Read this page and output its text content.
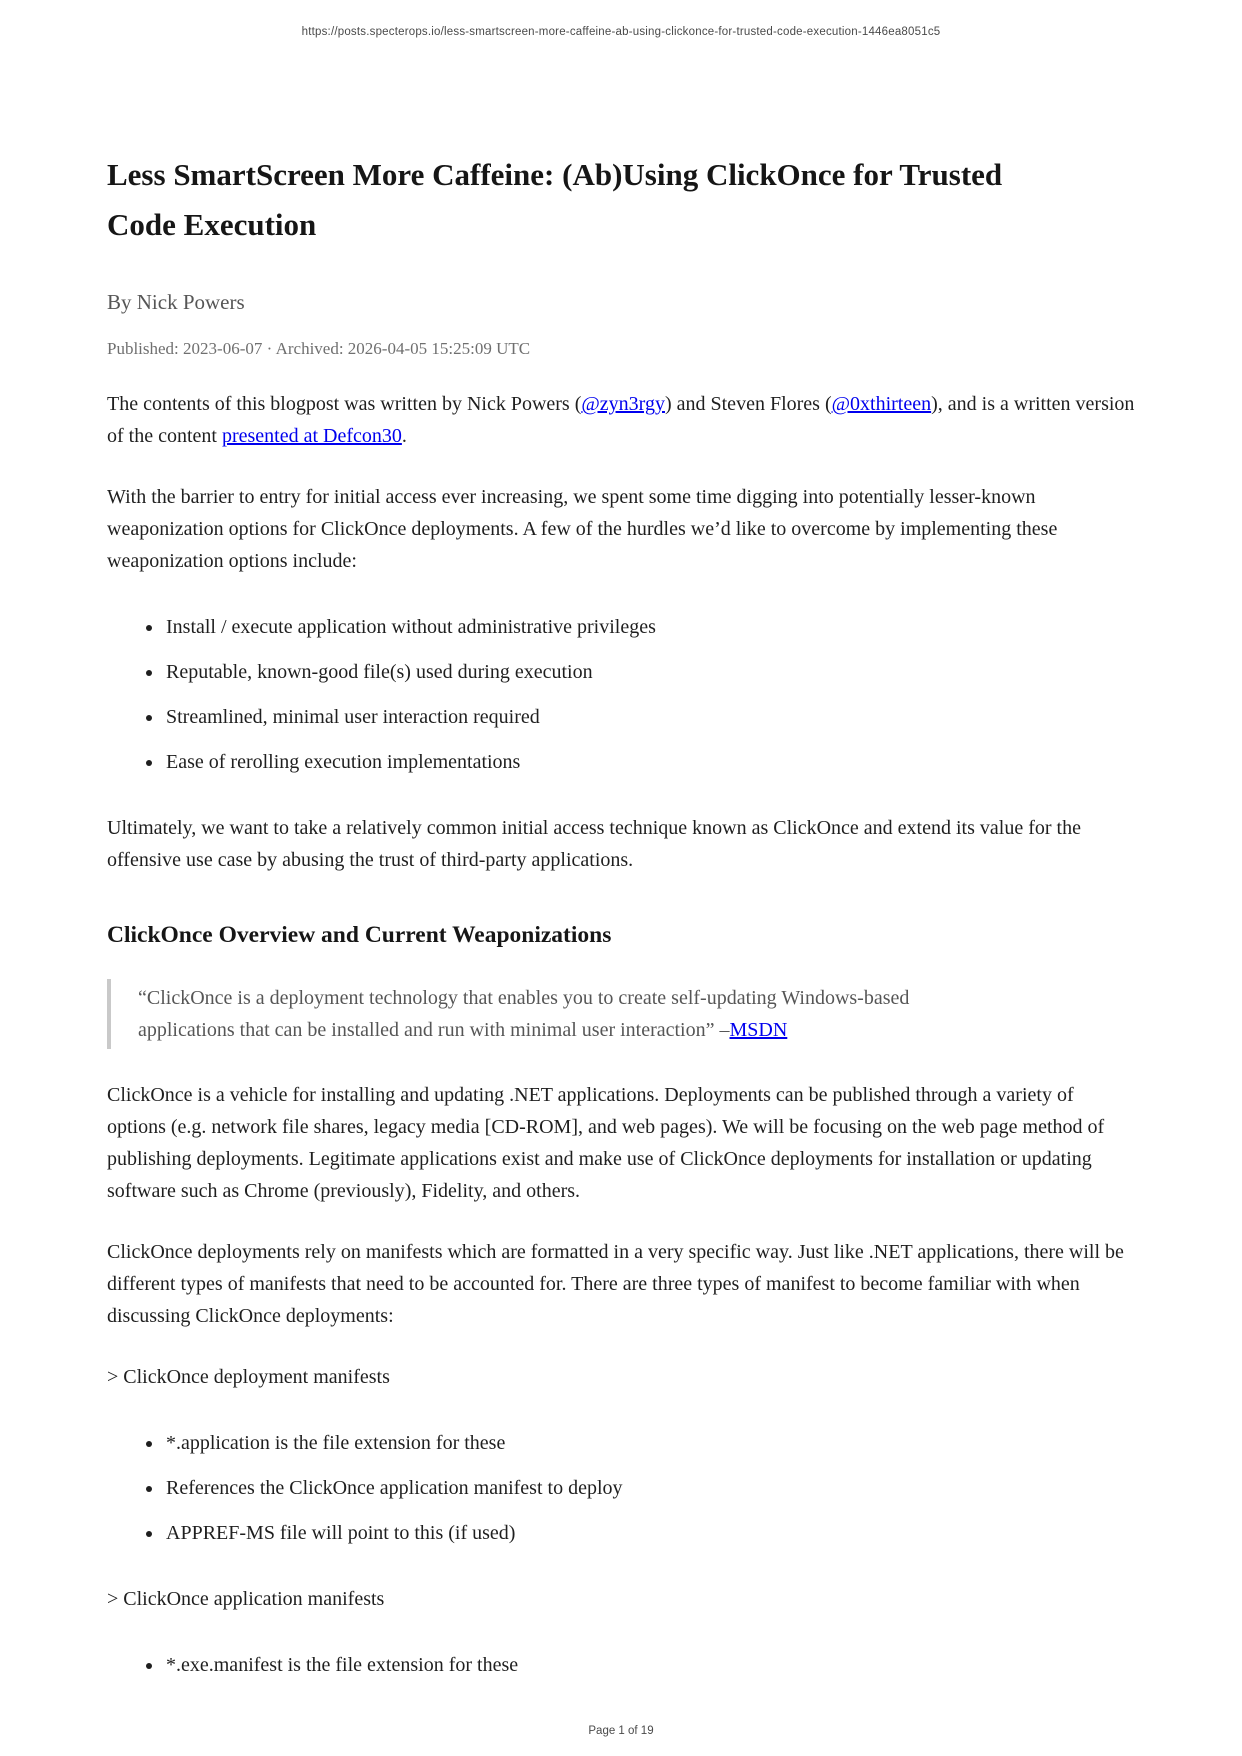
https://posts.specterops.io/less-smartscreen-more-caffeine-ab-using-clickonce-for-trusted-code-execution-1446ea8051c5
Less SmartScreen More Caffeine: (Ab)Using ClickOnce for Trusted Code Execution

By Nick Powers

Published: 2023-06-07 · Archived: 2026-04-05 15:25:09 UTC

The contents of this blogpost was written by Nick Powers (@zyn3rgy) and Steven Flores (@0xthirteen), and is a written version of the content presented at Defcon30.

With the barrier to entry for initial access ever increasing, we spent some time digging into potentially lesser-known weaponization options for ClickOnce deployments. A few of the hurdles we’d like to overcome by implementing these weaponization options include:

• Install / execute application without administrative privileges
• Reputable, known-good file(s) used during execution
• Streamlined, minimal user interaction required
• Ease of rerolling execution implementations

Ultimately, we want to take a relatively common initial access technique known as ClickOnce and extend its value for the offensive use case by abusing the trust of third-party applications.

ClickOnce Overview and Current Weaponizations
“ClickOnce is a deployment technology that enables you to create self-updating Windows-based applications that can be installed and run with minimal user interaction” –MSDN

ClickOnce is a vehicle for installing and updating .NET applications. Deployments can be published through a variety of options (e.g. network file shares, legacy media [CD-ROM], and web pages). We will be focusing on the web page method of publishing deployments. Legitimate applications exist and make use of ClickOnce deployments for installation or updating software such as Chrome (previously), Fidelity, and others.

ClickOnce deployments rely on manifests which are formatted in a very specific way. Just like .NET applications, there will be different types of manifests that need to be accounted for. There are three types of manifest to become familiar with when discussing ClickOnce deployments:

> ClickOnce deployment manifests

• *.application is the file extension for these
• References the ClickOnce application manifest to deploy
• APPREF-MS file will point to this (if used)

> ClickOnce application manifests

• *.exe.manifest is the file extension for these
Page 1 of 19
